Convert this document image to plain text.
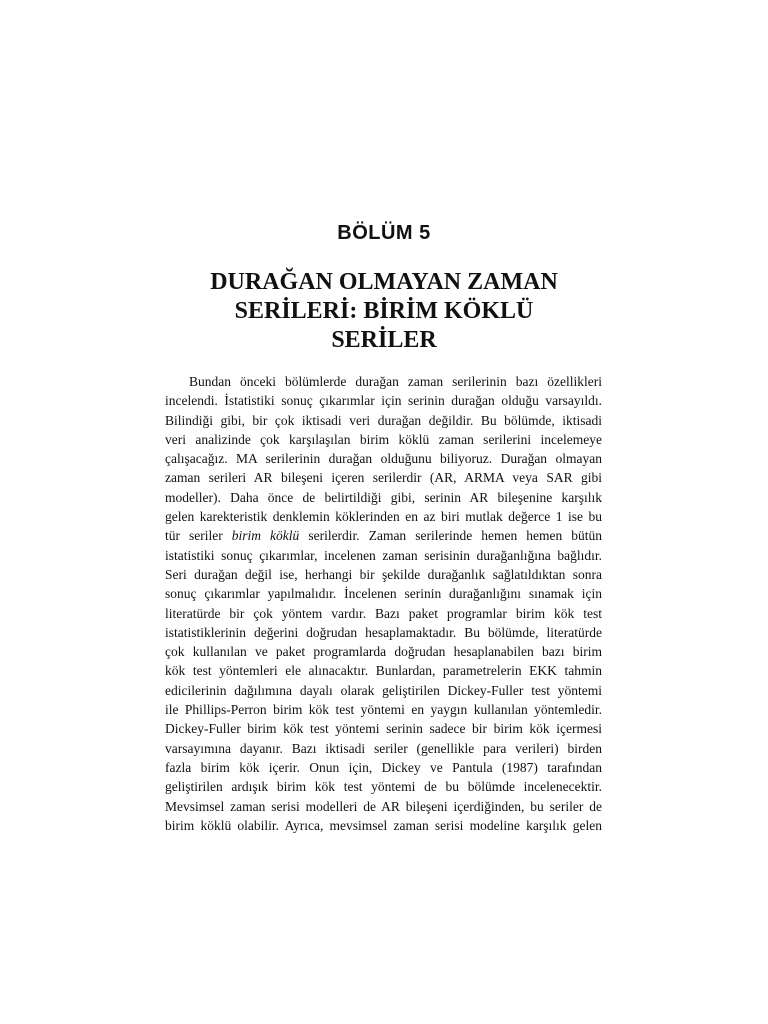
BÖLÜM 5
DURAĞAN OLMAYAN ZAMAN
SERİLERİ: BİRİM KÖKLÜ
SERİLER
Bundan önceki bölümlerde durağan zaman serilerinin bazı özellikleri
incelendi. İstatistiki sonuç çıkarımlar için serinin durağan olduğu varsayıldı.
Bilindiği gibi, bir çok iktisadi veri durağan değildir. Bu bölümde, iktisadi
veri analizinde çok karşılaşılan birim köklü zaman serilerini incelemeye
çalışacağız. MA serilerinin durağan olduğunu biliyoruz. Durağan olmayan
zaman serileri AR bileşeni içeren serilerdir (AR, ARMA veya SAR gibi
modeller). Daha önce de belirtildiği gibi, serinin AR bileşenine karşılık
gelen karekteristik denklemin köklerinden en az biri mutlak değerce 1 ise bu
tür seriler birim köklü serilerdir. Zaman serilerinde hemen hemen bütün
istatistiki sonuç çıkarımlar, incelenen zaman serisinin durağanlığına bağlıdır.
Seri durağan değil ise, herhangi bir şekilde durağanlık sağlatıldıktan sonra
sonuç çıkarımlar yapılmalıdır. İncelenen serinin durağanlığını sınamak için
literatürde bir çok yöntem vardır. Bazı paket programlar birim kök test
istatistiklerinin değerini doğrudan hesaplamaktadır. Bu bölümde, literatürde
çok kullanılan ve paket programlarda doğrudan hesaplanabilen bazı birim
kök test yöntemleri ele alınacaktır. Bunlardan, parametrelerin EKK tahmin
edicilerinin dağılımına dayalı olarak geliştirilen Dickey-Fuller test yöntemi
ile Phillips-Perron birim kök test yöntemi en yaygın kullanılan yöntemledir.
Dickey-Fuller birim kök test yöntemi serinin sadece bir birim kök içermesi
varsayımına dayanır. Bazı iktisadi seriler (genellikle para verileri) birden
fazla birim kök içerir. Onun için, Dickey ve Pantula (1987) tarafından
geliştirilen ardışık birim kök test yöntemi de bu bölümde incelenecektir.
Mevsimsel zaman serisi modelleri de AR bileşeni içerdiğinden, bu seriler de
birim köklü olabilir. Ayrıca, mevsimsel zaman serisi modeline karşılık gelen
